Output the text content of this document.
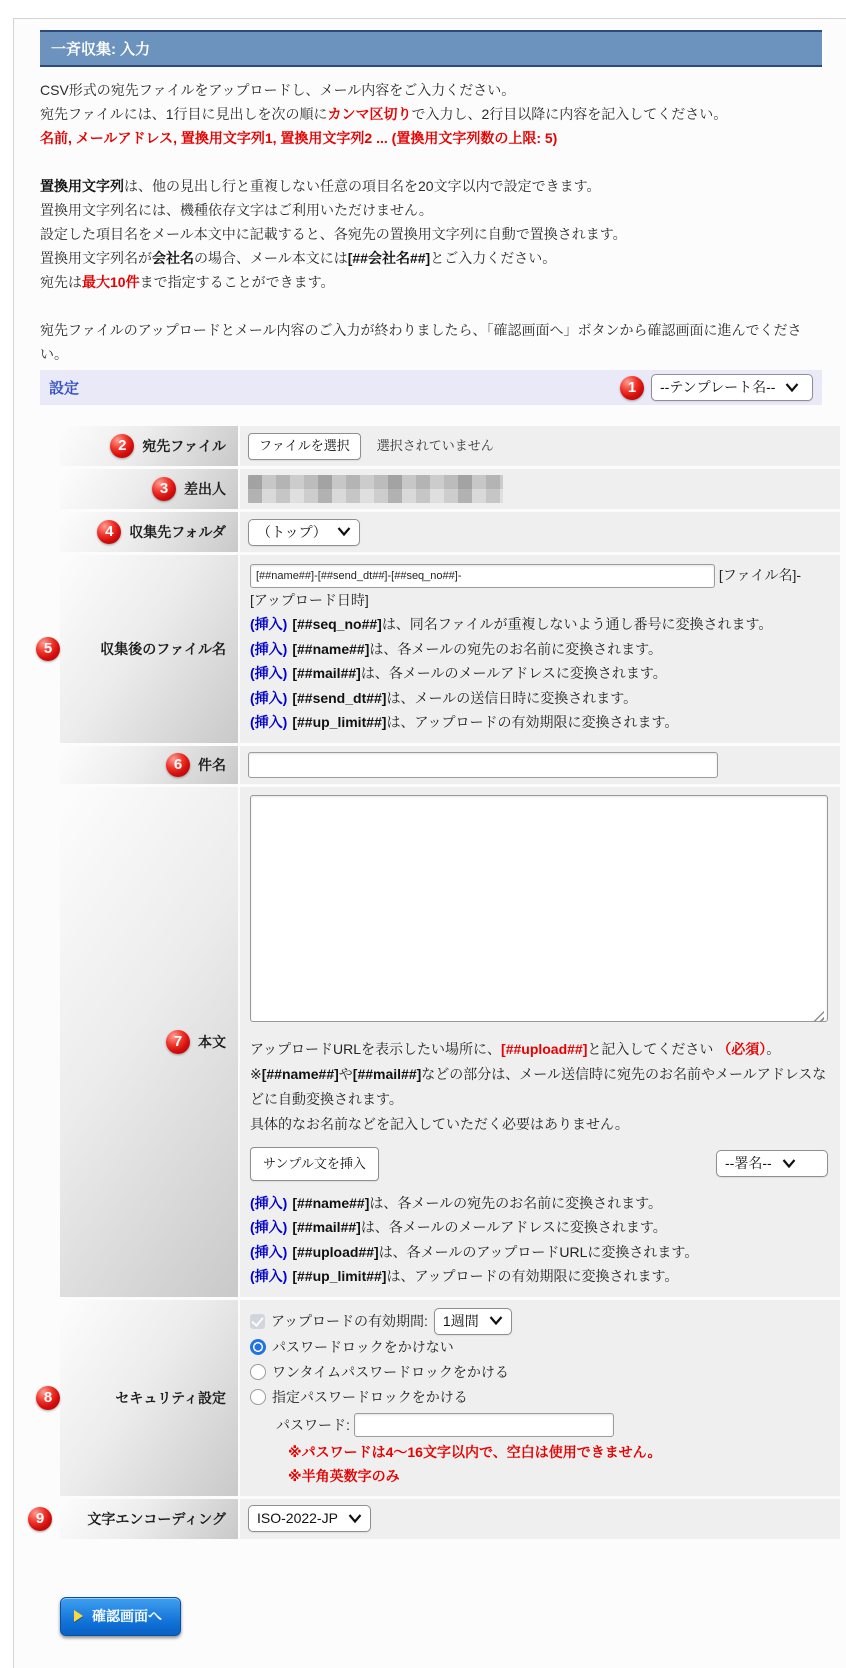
一斉収集: 入力
CSV形式の宛先ファイルをアップロードし、メール内容をご入力ください。
宛先ファイルには、1行目に見出しを次の順にカンマ区切りで入力し、2行目以降に内容を記入してください。
名前, メールアドレス, 置換用文字列1, 置換用文字列2 ... (置換用文字列数の上限: 5)
置換用文字列は、他の見出し行と重複しない任意の項目名を20文字以内で設定できます。
置換用文字列名には、機種依存文字はご利用いただけません。
設定した項目名をメール本文中に記載すると、各宛先の置換用文字列に自動で置換されます。
置換用文字列名が会社名の場合、メール本文には[##会社名##]とご入力ください。
宛先は最大10件まで指定することができます。
宛先ファイルのアップロードとメール内容のご入力が終わりましたら、「確認画面へ」ボタンから確認画面に進んでください。
設定	1	--テンプレート名--
2	宛先ファイル	ファイルを選択	選択されていません
3	差出人
4	収集先フォルダ （トップ）
5	収集後のファイル名
[##name##]-[##send_dt##]-[##seq_no##]- [ファイル名]-
[アップロード日時]
(挿入) [##seq_no##]は、同名ファイルが重複しないよう通し番号に変換されます。
(挿入) [##name##]は、各メールの宛先のお名前に変換されます。
(挿入) [##mail##]は、各メールのメールアドレスに変換されます。
(挿入) [##send_dt##]は、メールの送信日時に変換されます。
(挿入) [##up_limit##]は、アップロードの有効期限に変換されます。
6	件名
7	本文 アップロードURLを表示したい場所に、[##upload##]と記入してください （必須）。
※[##name##]や[##mail##]などの部分は、メール送信時に宛先のお名前やメールアドレスなどに自動変換されます。
具体的なお名前などを記入していただく必要はありません。
サンプル文を挿入	--署名--
(挿入) [##name##]は、各メールの宛先のお名前に変換されます。
(挿入) [##mail##]は、各メールのメールアドレスに変換されます。
(挿入) [##upload##]は、各メールのアップロードURLに変換されます。
(挿入) [##up_limit##]は、アップロードの有効期限に変換されます。
8	セキュリティ設定
アップロードの有効期間: 1週間
パスワードロックをかけない
ワンタイムパスワードロックをかける
指定パスワードロックをかける
パスワード:
※パスワードは4～16文字以内で、空白は使用できません。
※半角英数字のみ
9	文字エンコーディング ISO-2022-JP
確認画面へ
